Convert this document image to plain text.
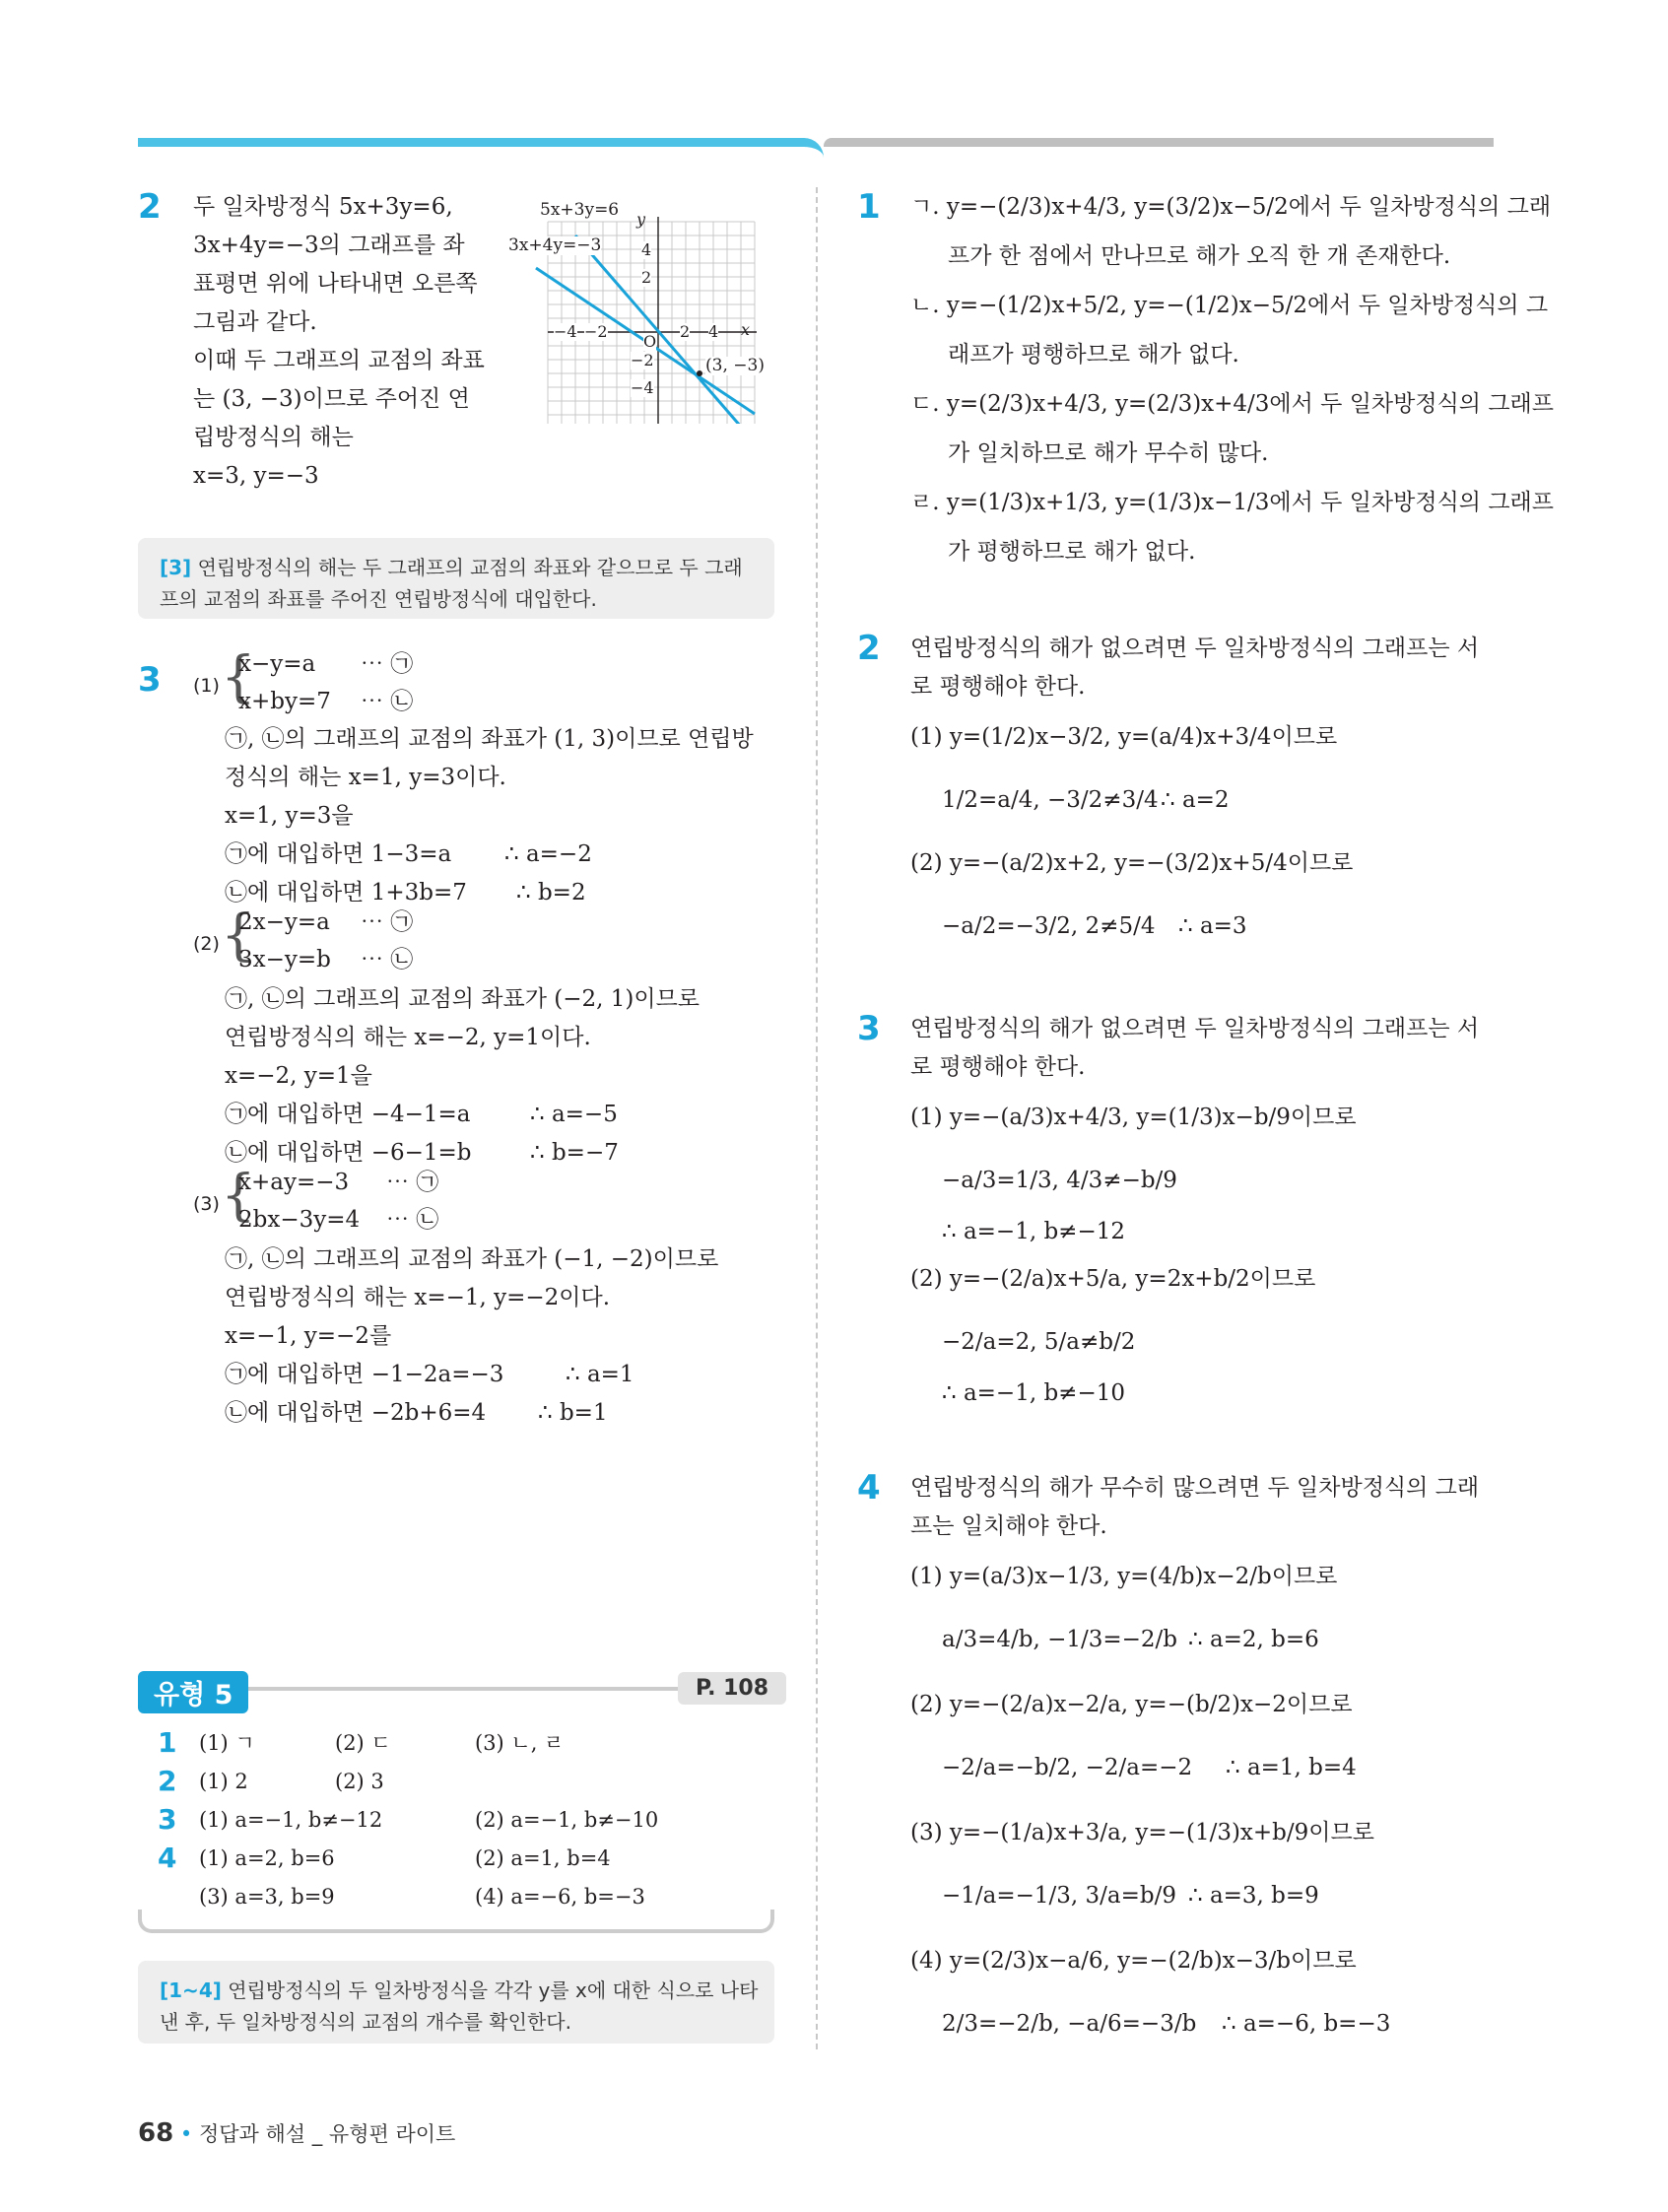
2 두 일차방정식 5x+3y=6,
3x+4y=−3의 그래프를 좌
표평면 위에 나타내면 오른쪽
그림과 같다.
이때 두 그래프의 교점의 좌표
는 (3, −3)이므로 주어진 연
립방정식의 해는
x=3, y=−3
5x+3y=6
3x+4y=−3
y
x
O
−4 −2	2 4
4
2
−2
−4
(3, −3)
[3] 연립방정식의 해는 두 그래프의 교점의 좌표와 같으므로 두 그래
프의 교점의 좌표를 주어진 연립방정식에 대입한다.
3 (1) {
x−y=a ⋯ ㉠
x+by=7 ⋯ ㉡
㉠, ㉡의 그래프의 교점의 좌표가 (1, 3)이므로 연립방
정식의 해는 x=1, y=3이다.
x=1, y=3을
㉠에 대입하면 1−3=a ∴ a=−2
㉡에 대입하면 1+3b=7 ∴ b=2
(2) {
2x−y=a ⋯ ㉠
3x−y=b ⋯ ㉡
㉠, ㉡의 그래프의 교점의 좌표가 (−2, 1)이므로
연립방정식의 해는 x=−2, y=1이다.
x=−2, y=1을
㉠에 대입하면 −4−1=a	∴ a=−5
㉡에 대입하면 −6−1=b	∴ b=−7
(3) {
x+ay=−3 ⋯ ㉠
2bx−3y=4 ⋯ ㉡
㉠, ㉡의 그래프의 교점의 좌표가 (−1, −2)이므로
연립방정식의 해는 x=−1, y=−2이다.
x=−1, y=−2를
㉠에 대입하면 −1−2a=−3	∴ a=1
㉡에 대입하면 −2b+6=4 ∴ b=1
유형 5	P. 108
1 (1) ㄱ	(2) ㄷ	(3) ㄴ, ㄹ
2 (1) 2	(2) 3
3 (1) a=−1, b≠−12	(2) a=−1, b≠−10
4 (1) a=2, b=6	(2) a=1, b=4
(3) a=3, b=9	(4) a=−6, b=−3
[1~4] 연립방정식의 두 일차방정식을 각각 y를 x에 대한 식으로 나타
낸 후, 두 일차방정식의 교점의 개수를 확인한다.
1 ㄱ. y=−(2/3)x+4/3, y=(3/2)x−5/2에서 두 일차방정식의 그래
프가 한 점에서 만나므로 해가 오직 한 개 존재한다.
ㄴ. y=−(1/2)x+5/2, y=−(1/2)x−5/2에서 두 일차방정식의 그
래프가 평행하므로 해가 없다.
ㄷ. y=(2/3)x+4/3, y=(2/3)x+4/3에서 두 일차방정식의 그래프
가 일치하므로 해가 무수히 많다.
ㄹ. y=(1/3)x+1/3, y=(1/3)x−1/3에서 두 일차방정식의 그래프
가 평행하므로 해가 없다.
2 연립방정식의 해가 없으려면 두 일차방정식의 그래프는 서
로 평행해야 한다.
(1) y=(1/2)x−3/2, y=(a/4)x+3/4이므로
1/2=a/4, −3/2≠3/4 ∴ a=2
(2) y=−(a/2)x+2, y=−(3/2)x+5/4이므로
−a/2=−3/2, 2≠5/4 ∴ a=3
3 연립방정식의 해가 없으려면 두 일차방정식의 그래프는 서
로 평행해야 한다.
(1) y=−(a/3)x+4/3, y=(1/3)x−b/9이므로
−a/3=1/3, 4/3≠−b/9
∴ a=−1, b≠−12
(2) y=−(2/a)x+5/a, y=2x+b/2이므로
−2/a=2, 5/a≠b/2
∴ a=−1, b≠−10
4 연립방정식의 해가 무수히 많으려면 두 일차방정식의 그래
프는 일치해야 한다.
(1) y=(a/3)x−1/3, y=(4/b)x−2/b이므로
a/3=4/b, −1/3=−2/b ∴ a=2, b=6
(2) y=−(2/a)x−2/a, y=−(b/2)x−2이므로
−2/a=−b/2, −2/a=−2 ∴ a=1, b=4
(3) y=−(1/a)x+3/a, y=−(1/3)x+b/9이므로
−1/a=−1/3, 3/a=b/9 ∴ a=3, b=9
(4) y=(2/3)x−a/6, y=−(2/b)x−3/b이므로
2/3=−2/b, −a/6=−3/b ∴ a=−6, b=−3
68 • 정답과 해설 _ 유형편 라이트
